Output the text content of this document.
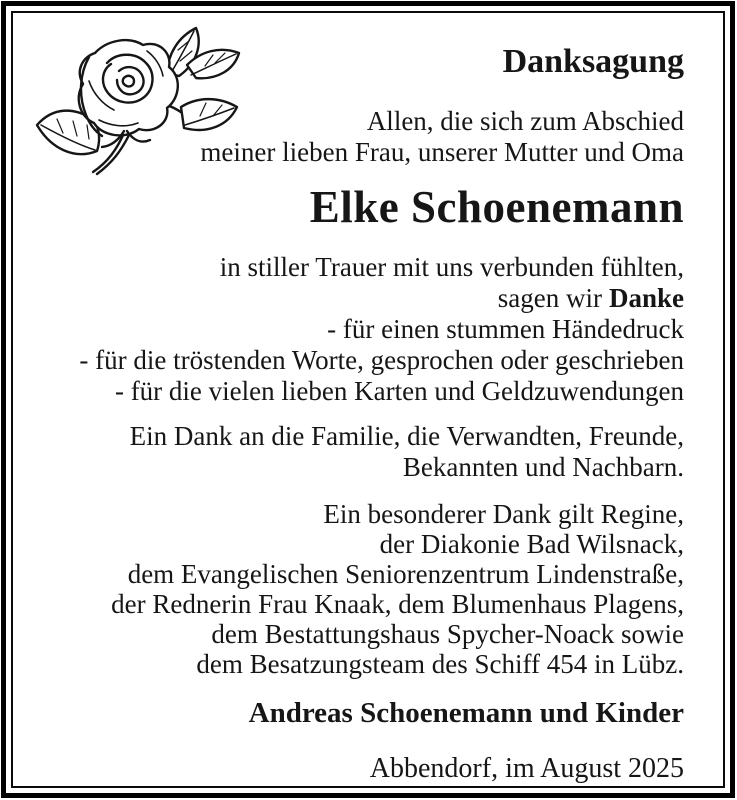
Danksagung
Allen, die sich zum Abschied
meiner lieben Frau, unserer Mutter und Oma
Elke Schoenemann
in stiller Trauer mit uns verbunden fühlten,
sagen wir Danke
- für einen stummen Händedruck
- für die tröstenden Worte, gesprochen oder geschrieben
- für die vielen lieben Karten und Geldzuwendungen
Ein Dank an die Familie, die Verwandten, Freunde,
Bekannten und Nachbarn.
Ein besonderer Dank gilt Regine,
der Diakonie Bad Wilsnack,
dem Evangelischen Seniorenzentrum Lindenstraße,
der Rednerin Frau Knaak, dem Blumenhaus Plagens,
dem Bestattungshaus Spycher-Noack sowie
dem Besatzungsteam des Schiff 454 in Lübz.
Andreas Schoenemann und Kinder
Abbendorf, im August 2025
